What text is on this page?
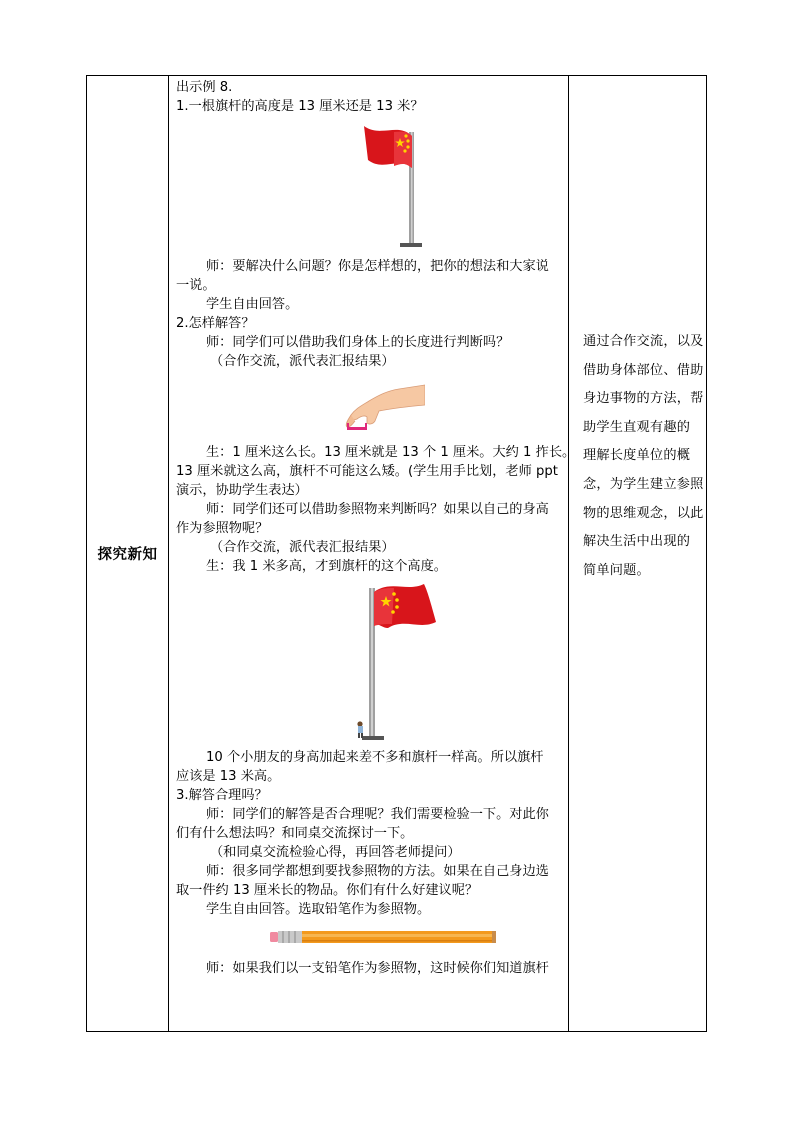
探究新知
出示例 8.
1.一根旗杆的高度是 13 厘米还是 13 米？
师：要解决什么问题？你是怎样想的，把你的想法和大家说
一说。
学生自由回答。
2.怎样解答？
师：同学们可以借助我们身体上的长度进行判断吗？
（合作交流，派代表汇报结果）
生：1 厘米这么长。13 厘米就是 13 个 1 厘米。大约 1 拃长。
13 厘米就这么高，旗杆不可能这么矮。(学生用手比划，老师 ppt
演示，协助学生表达）
师：同学们还可以借助参照物来判断吗？如果以自己的身高
作为参照物呢？
（合作交流，派代表汇报结果）
生：我 1 米多高，才到旗杆的这个高度。
10 个小朋友的身高加起来差不多和旗杆一样高。所以旗杆
应该是 13 米高。
3.解答合理吗？
师：同学们的解答是否合理呢？我们需要检验一下。对此你
们有什么想法吗？和同桌交流探讨一下。
（和同桌交流检验心得，再回答老师提问）
师：很多同学都想到要找参照物的方法。如果在自己身边选
取一件约 13 厘米长的物品。你们有什么好建议呢？
学生自由回答。选取铅笔作为参照物。
师：如果我们以一支铅笔作为参照物，这时候你们知道旗杆
通过合作交流，以及
借助身体部位、借助
身边事物的方法，帮
助学生直观有趣的
理解长度单位的概
念，为学生建立参照
物的思维观念，以此
解决生活中出现的
简单问题。
